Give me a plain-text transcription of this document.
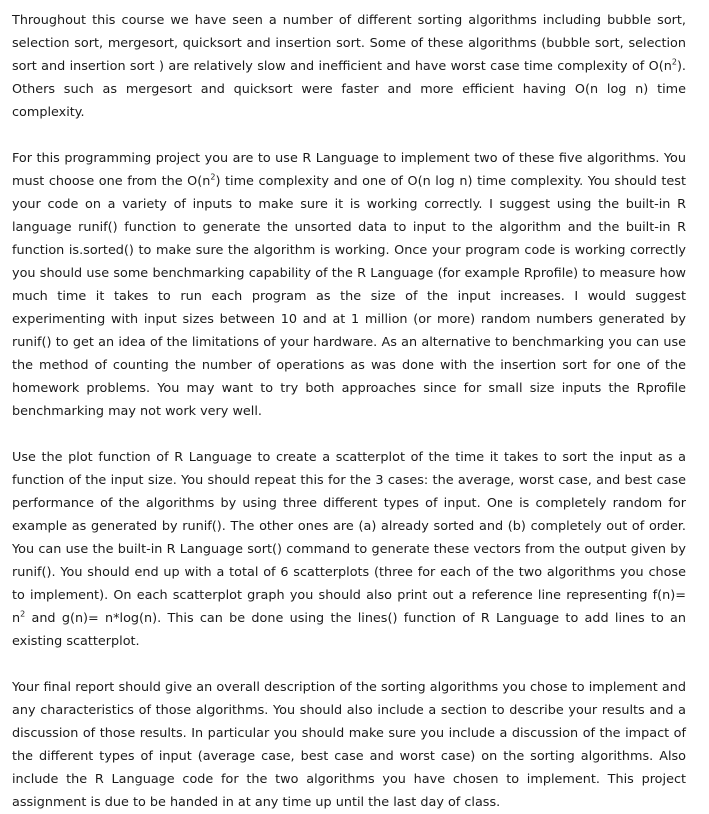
Throughout this course we have seen a number of different sorting algorithms including bubble sort, selection sort, mergesort, quicksort and insertion sort. Some of these algorithms (bubble sort, selection sort and insertion sort ) are relatively slow and inefficient and have worst case time complexity of $O(n^2)$. Others such as mergesort and quicksort were faster and more efficient having O(n log n) time complexity.

For this programming project you are to use R Language to implement two of these five algorithms. You must choose one from the $O(n^2)$ time complexity and one of O(n log n) time complexity. You should test your code on a variety of inputs to make sure it is working correctly. I suggest using the built-in R language runif() function to generate the unsorted data to input to the algorithm and the built-in R function is.sorted() to make sure the algorithm is working. Once your program code is working correctly you should use some benchmarking capability of the R Language (for example Rprofile) to measure how much time it takes to run each program as the size of the input increases. I would suggest experimenting with input sizes between 10 and at 1 million (or more) random numbers generated by runif() to get an idea of the limitations of your hardware. As an alternative to benchmarking you can use the method of counting the number of operations as was done with the insertion sort for one of the homework problems. You may want to try both approaches since for small size inputs the Rprofile benchmarking may not work very well.

Use the plot function of R Language to create a scatterplot of the time it takes to sort the input as a function of the input size. You should repeat this for the 3 cases: the average, worst case, and best case performance of the algorithms by using three different types of input. One is completely random for example as generated by runif(). The other ones are (a) already sorted and (b) completely out of order. You can use the built-in R Language sort() command to generate these vectors from the output given by runif(). You should end up with a total of 6 scatterplots (three for each of the two algorithms you chose to implement). On each scatterplot graph you should also print out a reference line representing $f(n)= n^2$ and g(n)= n*log(n). This can be done using the lines() function of R Language to add lines to an existing scatterplot.

Your final report should give an overall description of the sorting algorithms you chose to implement and any characteristics of those algorithms. You should also include a section to describe your results and a discussion of those results. In particular you should make sure you include a discussion of the impact of the different types of input (average case, best case and worst case) on the sorting algorithms. Also include the R Language code for the two algorithms you have chosen to implement. This project assignment is due to be handed in at any time up until the last day of class.
